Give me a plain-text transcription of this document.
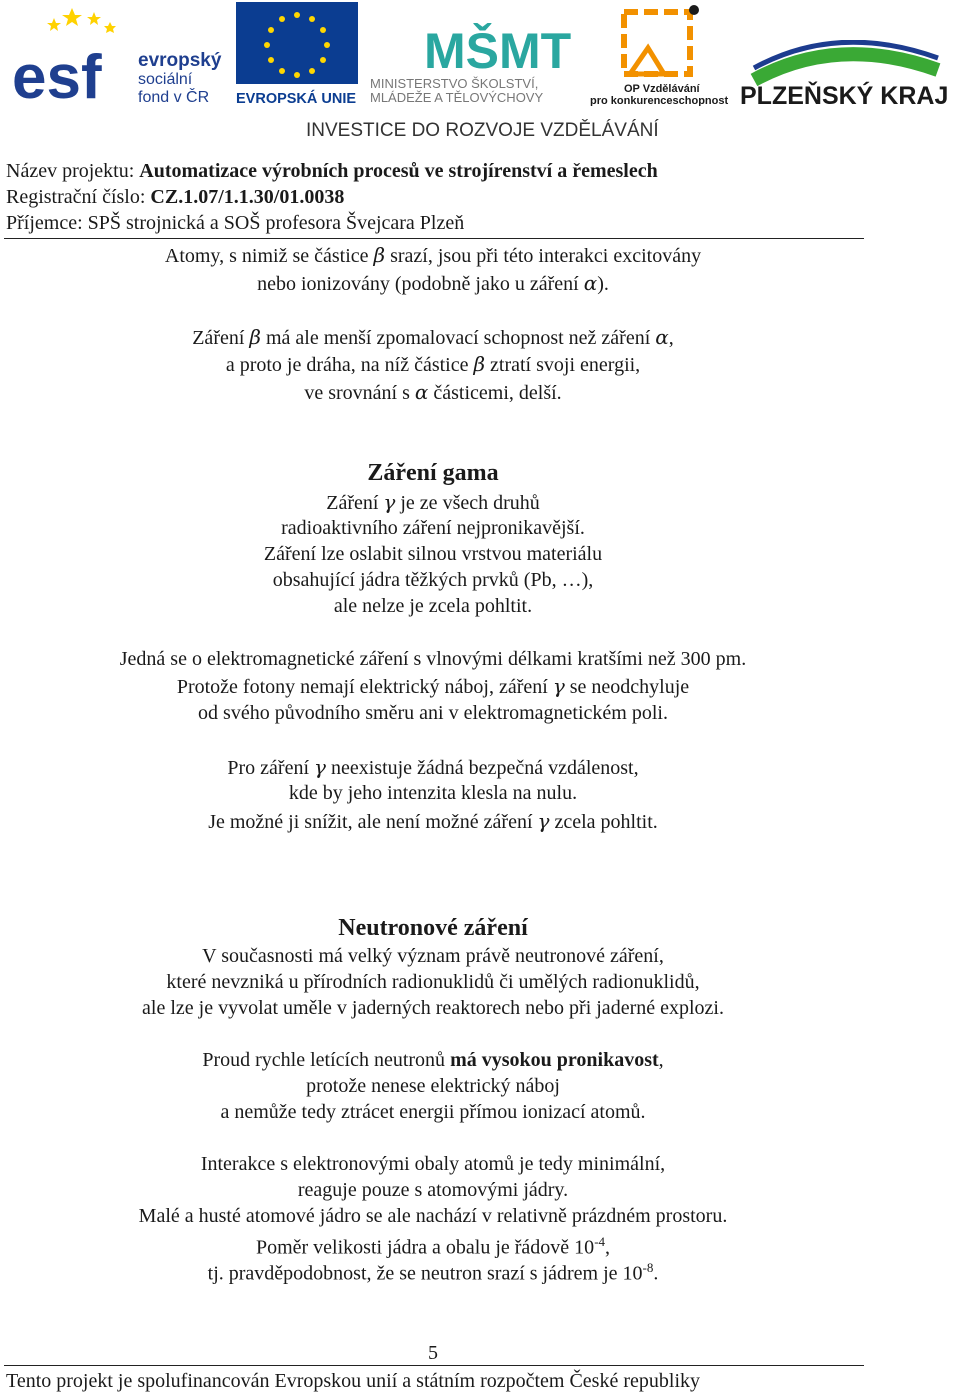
esf evropský
sociální
fond v ČR EVROPSKÁ UNIE
MŠMT
MINISTERSTVO ŠKOLSTVÍ,
MLÁDEŽE A TĚLOVÝCHOVY
OP Vzdělávání
pro konkurenceschopnost PLZEŇSKÝ KRAJ
INVESTICE DO ROZVOJE VZDĚLÁVÁNÍ
Název projektu: Automatizace výrobních procesů ve strojírenství a řemeslech
Registrační číslo: CZ.1.07/1.1.30/01.0038
Příjemce: SPŠ strojnická a SOŠ profesora Švejcara Plzeň
Atomy, s nimiž se částice β srazí, jsou při této interakci excitovány
nebo ionizovány (podobně jako u záření α).
Záření β má ale menší zpomalovací schopnost než záření α,
a proto je dráha, na níž částice β ztratí svoji energii,
ve srovnání s α částicemi, delší.
Záření gama
Záření γ je ze všech druhů
radioaktivního záření nejpronikavější.
Záření lze oslabit silnou vrstvou materiálu
obsahující jádra těžkých prvků (Pb, …),
ale nelze je zcela pohltit.
Jedná se o elektromagnetické záření s vlnovými délkami kratšími než 300 pm.
Protože fotony nemají elektrický náboj, záření γ se neodchyluje
od svého původního směru ani v elektromagnetickém poli.
Pro záření γ neexistuje žádná bezpečná vzdálenost,
kde by jeho intenzita klesla na nulu.
Je možné ji snížit, ale není možné záření γ zcela pohltit.
Neutronové záření
V současnosti má velký význam právě neutronové záření,
které nevzniká u přírodních radionuklidů či umělých radionuklidů,
ale lze je vyvolat uměle v jaderných reaktorech nebo při jaderné explozi.
Proud rychle letících neutronů má vysokou pronikavost,
protože nenese elektrický náboj
a nemůže tedy ztrácet energii přímou ionizací atomů.
Interakce s elektronovými obaly atomů je tedy minimální,
reaguje pouze s atomovými jádry.
Malé a husté atomové jádro se ale nachází v relativně prázdném prostoru.
Poměr velikosti jádra a obalu je řádově $10^{-4}$,
tj. pravděpodobnost, že se neutron srazí s jádrem je $10^{-8}$.
5
Tento projekt je spolufinancován Evropskou unií a státním rozpočtem České republiky
